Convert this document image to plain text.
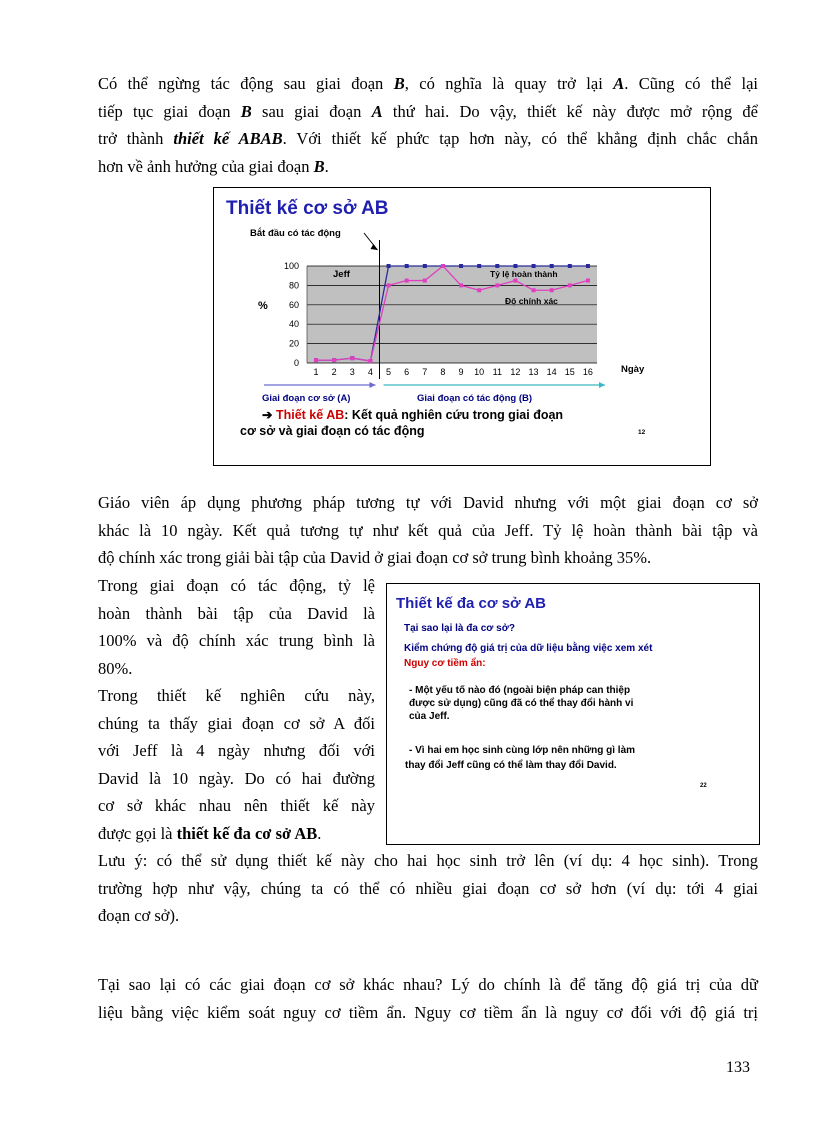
Có thể ngừng tác động sau giai đoạn B, có nghĩa là quay trở lại A. Cũng có thể lại
tiếp tục giai đoạn B sau giai đoạn A thứ hai. Do vậy, thiết kế này được mở rộng để
trở thành thiết kế ABAB. Với thiết kế phức tạp hơn này, có thể khẳng định chắc chắn
hơn về ảnh hưởng của giai đoạn B.
Thiết kế cơ sở AB
0
20
40
60
80
100
1 2 3 4 5 6 7 8 9 10 11 12 13 14 15 16
Bắt đầu có tác động
Jeff	Tỷ lệ hoàn thành
Độ chính xác
%
Ngày
Giai đoạn cơ sở (A)	Giai đoạn có tác động (B)
➔ Thiết kế AB: Kết quả nghiên cứu trong giai đoạn
cơ sở và giai đoạn có tác động	12
Giáo viên áp dụng phương pháp tương tự với David nhưng với một giai đoạn cơ sở
khác là 10 ngày. Kết quả tương tự như kết quả của Jeff. Tỷ lệ hoàn thành bài tập và
độ chính xác trong giải bài tập của David ở giai đoạn cơ sở trung bình khoảng 35%.
Trong giai đoạn có tác động, tỷ lệ
hoàn thành bài tập của David là
100% và độ chính xác trung bình là
80%.
Trong thiết kế nghiên cứu này,
chúng ta thấy giai đoạn cơ sở A đối
với Jeff là 4 ngày nhưng đối với
David là 10 ngày. Do có hai đường
cơ sở khác nhau nên thiết kế này
được gọi là thiết kế đa cơ sở AB.
Thiết kế đa cơ sở AB
Tại sao lại là đa cơ sở?
Kiểm chứng độ giá trị của dữ liệu bằng việc xem xét
Nguy cơ tiềm ẩn:
- Một yếu tố nào đó (ngoài biện pháp can thiệp
được sử dụng) cũng đã có thể thay đổi hành vi
của Jeff.
- Vì hai em học sinh cùng lớp nên những gì làm
thay đổi Jeff cũng có thể làm thay đổi David.
22
Lưu ý: có thể sử dụng thiết kế này cho hai học sinh trở lên (ví dụ: 4 học sinh). Trong
trường hợp như vậy, chúng ta có thể có nhiều giai đoạn cơ sở hơn (ví dụ: tới 4 giai
đoạn cơ sở).
Tại sao lại có các giai đoạn cơ sở khác nhau? Lý do chính là để tăng độ giá trị của dữ
liệu bằng việc kiểm soát nguy cơ tiềm ẩn. Nguy cơ tiềm ẩn là nguy cơ đối với độ giá trị
133
